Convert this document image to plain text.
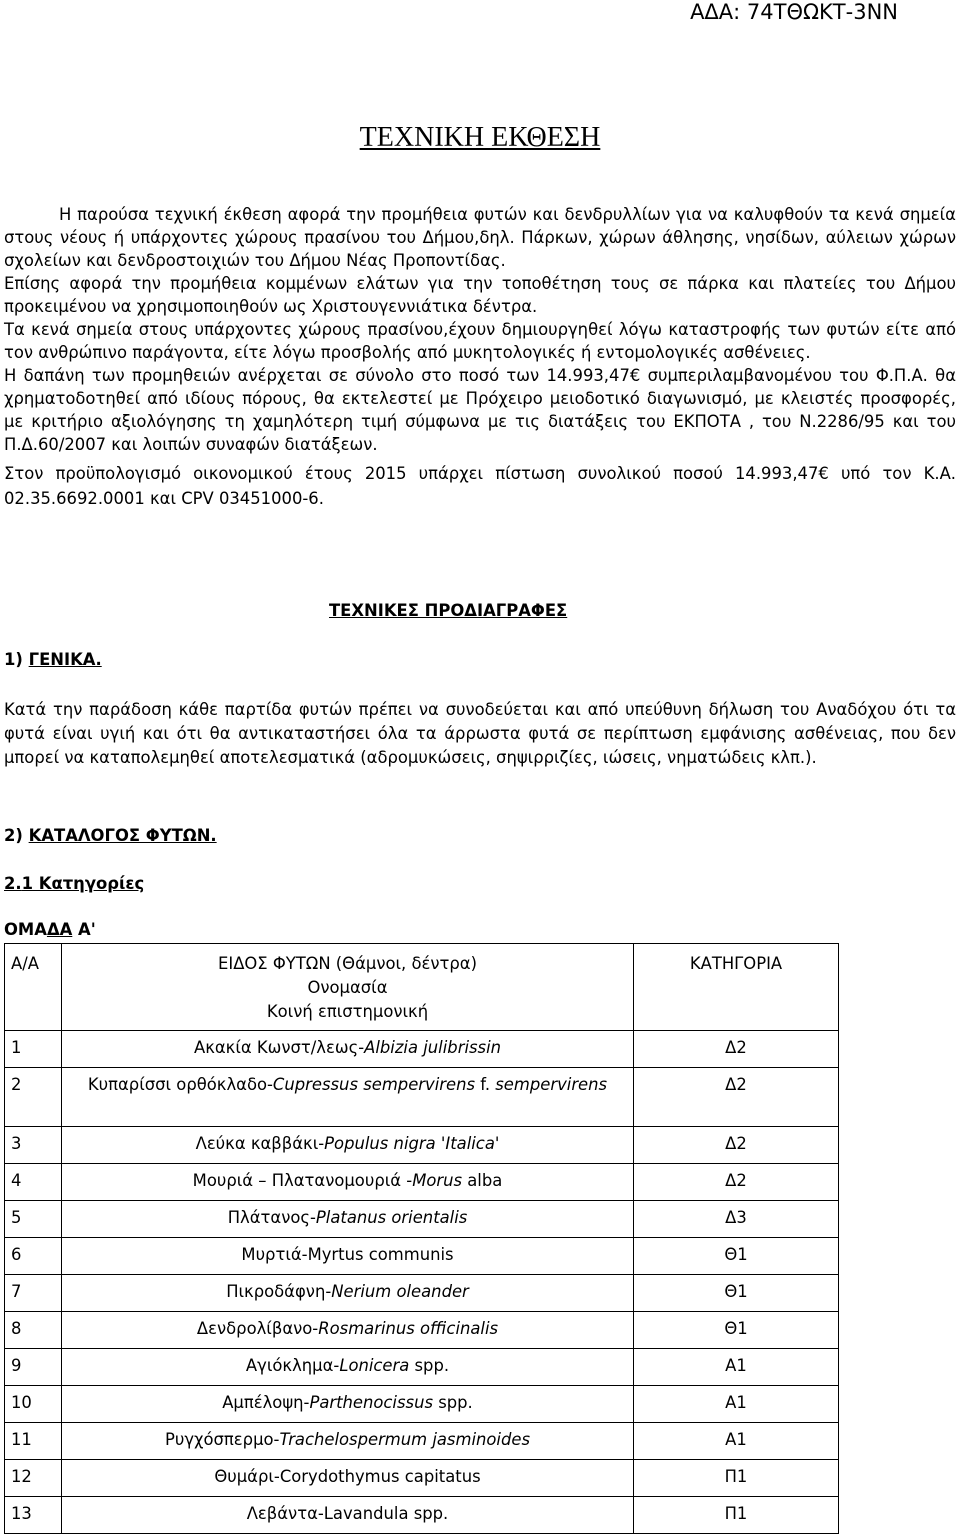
ΑΔΑ: 74ΤΘΩΚΤ-3ΝΝ
ΤΕΧΝΙΚΗ ΕΚΘΕΣΗ

Η παρούσα τεχνική έκθεση αφορά την προμήθεια φυτών και δενδρυλλίων για να καλυφθούν τα κενά σημεία στους νέους ή υπάρχοντες χώρους πρασίνου του Δήμου,δηλ. Πάρκων, χώρων άθλησης, νησίδων, αύλειων χώρων σχολείων και δενδροστοιχιών του Δήμου Νέας Προποντίδας.

Επίσης αφορά την προμήθεια κομμένων ελάτων για την τοποθέτηση τους σε πάρκα και πλατείες του Δήμου προκειμένου να χρησιμοποιηθούν ως Χριστουγεννιάτικα δέντρα.

Τα κενά σημεία στους υπάρχοντες χώρους πρασίνου,έχουν δημιουργηθεί λόγω καταστροφής των φυτών είτε από τον ανθρώπινο παράγοντα, είτε λόγω προσβολής από μυκητολογικές ή εντομολογικές ασθένειες.

Η δαπάνη των προμηθειών ανέρχεται σε σύνολο στο ποσό των 14.993,47€ συμπεριλαμβανομένου του Φ.Π.Α. θα χρηματοδοτηθεί από ιδίους πόρους, θα εκτελεστεί με Πρόχειρο μειοδοτικό διαγωνισμό, με κλειστές προσφορές, με κριτήριο αξιολόγησης τη χαμηλότερη τιμή σύμφωνα με τις διατάξεις του ΕΚΠΟΤΑ , του Ν.2286/95 και του Π.Δ.60/2007 και λοιπών συναφών διατάξεων.

Στον προϋπολογισμό οικονομικού έτους 2015 υπάρχει πίστωση συνολικού ποσού 14.993,47€ υπό τον Κ.Α. 02.35.6692.0001 και CPV 03451000-6.

ΤΕΧΝΙΚΕΣ ΠΡΟΔΙΑΓΡΑΦΕΣ
1) ΓΕΝΙΚΑ.

Κατά την παράδοση κάθε παρτίδα φυτών πρέπει να συνοδεύεται και από υπεύθυνη δήλωση του Αναδόχου ότι τα φυτά είναι υγιή και ότι θα αντικαταστήσει όλα τα άρρωστα φυτά σε περίπτωση εμφάνισης ασθένειας, που δεν μπορεί να καταπολεμηθεί αποτελεσματικά (αδρομυκώσεις, σηψιρριζίες, ιώσεις, νηματώδεις κλπ.).

2) ΚΑΤΑΛΟΓΟΣ ΦΥΤΩΝ.
2.1 Κατηγορίες
ΟΜΑΔΑ Α'
Α/Α	ΕΙΔΟΣ ΦΥΤΩΝ (Θάμνοι, δέντρα)
Ονομασία
Κοινή επιστημονική	ΚΑΤΗΓΟΡΙΑ
1	Ακακία Κωνστ/λεως-Albizia julibrissin	Δ2
2	Κυπαρίσσι ορθόκλαδο-Cupressus sempervirens f. sempervirens	Δ2
3	Λεύκα καββάκι-Populus nigra 'Italica'	Δ2
4	Μουριά – Πλατανομουριά -Morus alba	Δ2
5	Πλάτανος-Platanus orientalis	Δ3
6	Μυρτιά-Myrtus communis	Θ1
7	Πικροδάφνη-Nerium oleander	Θ1
8	Δενδρολίβανο-Rosmarinus officinalis	Θ1
9	Αγιόκλημα-Lonicera spp.	Α1
10	Αμπέλοψη-Parthenocissus spp.	Α1
11	Ρυγχόσπερμο-Trachelospermum jasminoides	Α1
12	Θυμάρι-Corydothymus capitatus	Π1
13	Λεβάντα-Lavandula spp.	Π1
